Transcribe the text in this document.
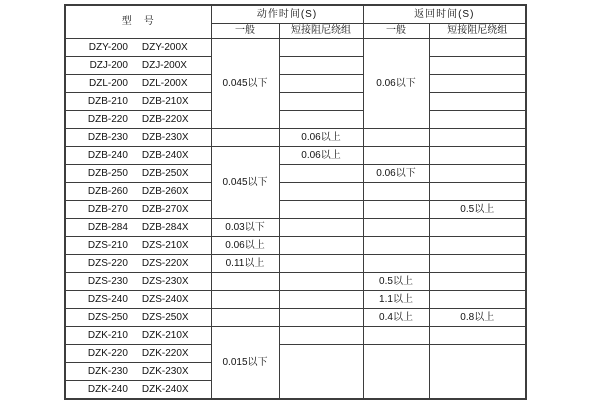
型　号	动作时间(S)		返回时间(S)	
	一般	短接阻尼绕组	一般	短接阻尼绕组
DZY-200 DZY-200X	0.045以下		0.06以下	
DZJ-200 DZJ-200X				
DZL-200 DZL-200X				
DZB-210 DZB-210X				
DZB-220 DZB-220X				
DZB-230 DZB-230X		0.06以上		
DZB-240 DZB-240X	0.045以下	0.06以上		
DZB-250 DZB-250X			0.06以下	
DZB-260 DZB-260X				
DZB-270 DZB-270X				0.5以上
DZB-284 DZB-284X	0.03以下			
DZS-210 DZS-210X	0.06以上			
DZS-220 DZS-220X	0.11以上			
DZS-230 DZS-230X			0.5以上	
DZS-240 DZS-240X			1.1以上	
DZS-250 DZS-250X			0.4以上	0.8以上
DZK-210 DZK-210X	0.015以下			
DZK-220 DZK-220X				
DZK-230 DZK-230X				
DZK-240 DZK-240X				
